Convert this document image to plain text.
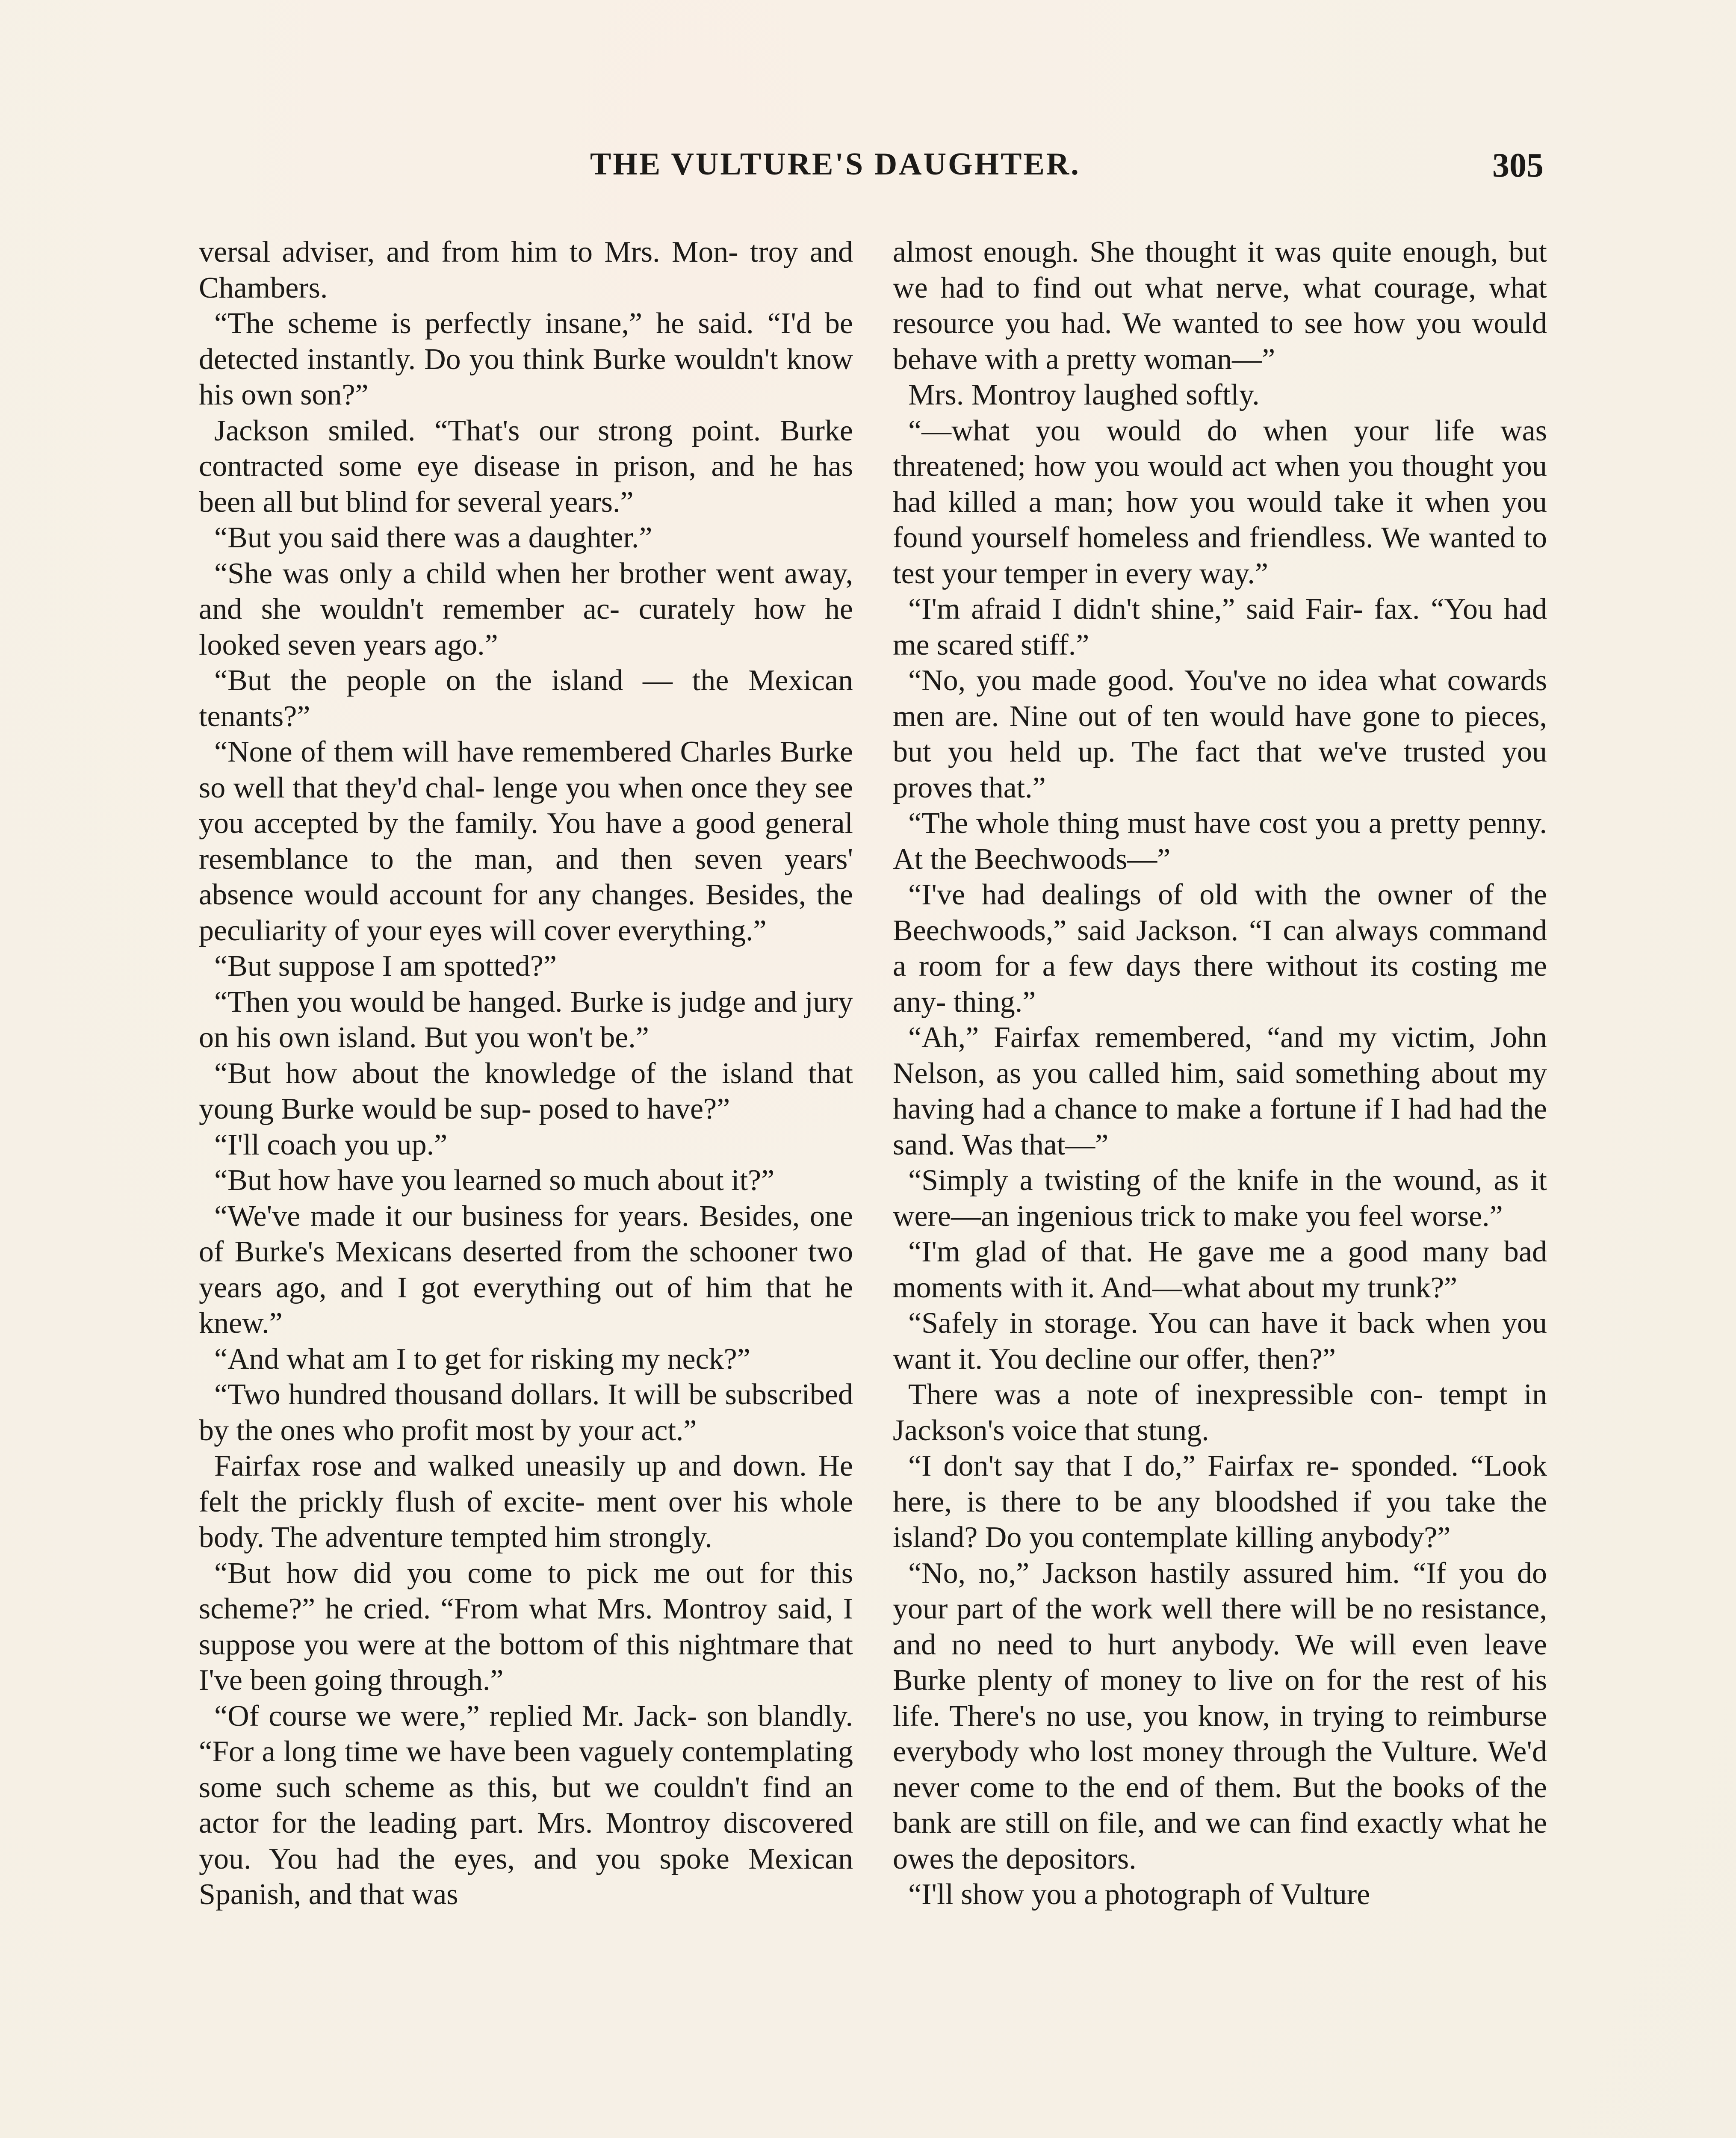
THE VULTURE'S DAUGHTER.	305

versal adviser, and from him to Mrs. Mon- troy and Chambers.

“The scheme is perfectly insane,” he said. “I'd be detected instantly. Do you think Burke wouldn't know his own son?”

Jackson smiled. “That's our strong point. Burke contracted some eye disease in prison, and he has been all but blind for several years.”

“But you said there was a daughter.”

“She was only a child when her brother went away, and she wouldn't remember ac- curately how he looked seven years ago.”

“But the people on the island — the Mexican tenants?”

“None of them will have remembered Charles Burke so well that they'd chal- lenge you when once they see you accepted by the family. You have a good general resemblance to the man, and then seven years' absence would account for any changes. Besides, the peculiarity of your eyes will cover everything.”

“But suppose I am spotted?”

“Then you would be hanged. Burke is judge and jury on his own island. But you won't be.”

“But how about the knowledge of the island that young Burke would be sup- posed to have?”

“I'll coach you up.”

“But how have you learned so much about it?”

“We've made it our business for years. Besides, one of Burke's Mexicans deserted from the schooner two years ago, and I got everything out of him that he knew.”

“And what am I to get for risking my neck?”

“Two hundred thousand dollars. It will be subscribed by the ones who profit most by your act.”

Fairfax rose and walked uneasily up and down. He felt the prickly flush of excite- ment over his whole body. The adventure tempted him strongly.

“But how did you come to pick me out for this scheme?” he cried. “From what Mrs. Montroy said, I suppose you were at the bottom of this nightmare that I've been going through.”

“Of course we were,” replied Mr. Jack- son blandly. “For a long time we have been vaguely contemplating some such scheme as this, but we couldn't find an actor for the leading part. Mrs. Montroy discovered you. You had the eyes, and you spoke Mexican Spanish, and that was

almost enough. She thought it was quite enough, but we had to find out what nerve, what courage, what resource you had. We wanted to see how you would behave with a pretty woman—”

Mrs. Montroy laughed softly.

“—what you would do when your life was threatened; how you would act when you thought you had killed a man; how you would take it when you found yourself homeless and friendless. We wanted to test your temper in every way.”

“I'm afraid I didn't shine,” said Fair- fax. “You had me scared stiff.”

“No, you made good. You've no idea what cowards men are. Nine out of ten would have gone to pieces, but you held up. The fact that we've trusted you proves that.”

“The whole thing must have cost you a pretty penny. At the Beechwoods—”

“I've had dealings of old with the owner of the Beechwoods,” said Jackson. “I can always command a room for a few days there without its costing me any- thing.”

“Ah,” Fairfax remembered, “and my victim, John Nelson, as you called him, said something about my having had a chance to make a fortune if I had had the sand. Was that—”

“Simply a twisting of the knife in the wound, as it were—an ingenious trick to make you feel worse.”

“I'm glad of that. He gave me a good many bad moments with it. And—what about my trunk?”

“Safely in storage. You can have it back when you want it. You decline our offer, then?”

There was a note of inexpressible con- tempt in Jackson's voice that stung.

“I don't say that I do,” Fairfax re- sponded. “Look here, is there to be any bloodshed if you take the island? Do you contemplate killing anybody?”

“No, no,” Jackson hastily assured him. “If you do your part of the work well there will be no resistance, and no need to hurt anybody. We will even leave Burke plenty of money to live on for the rest of his life. There's no use, you know, in trying to reimburse everybody who lost money through the Vulture. We'd never come to the end of them. But the books of the bank are still on file, and we can find exactly what he owes the depositors.

“I'll show you a photograph of Vulture
